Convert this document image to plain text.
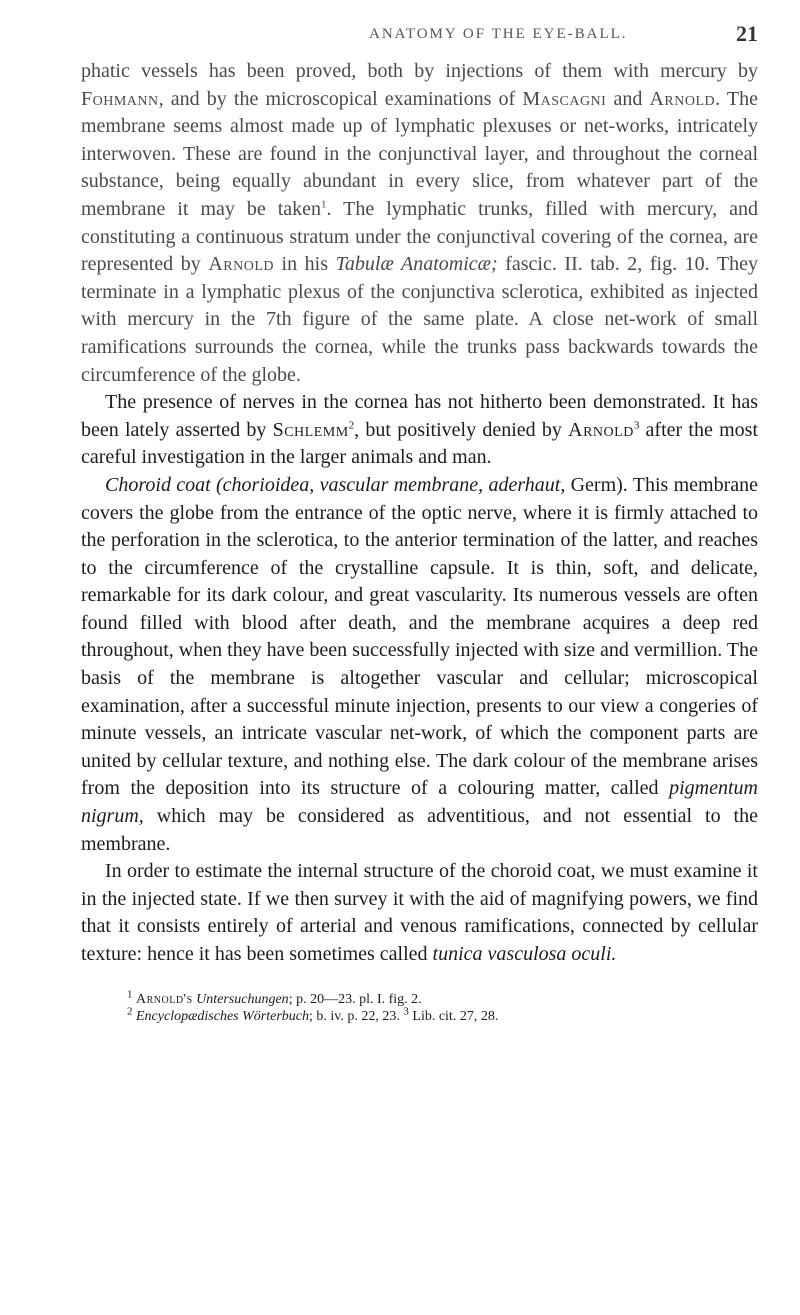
ANATOMY OF THE EYE-BALL.	21

phatic vessels has been proved, both by injections of them with mercury by Fohmann, and by the microscopical examinations of Mascagni and Arnold. The membrane seems almost made up of lymphatic plexuses or net-works, intricately interwoven. These are found in the conjunctival layer, and throughout the corneal substance, being equally abundant in every slice, from whatever part of the membrane it may be taken$^1$. The lymphatic trunks, filled with mercury, and constituting a continuous stratum under the conjunctival covering of the cornea, are represented by Arnold in his Tabulæ Anatomicæ; fascic. II. tab. 2, fig. 10. They terminate in a lymphatic plexus of the conjunctiva sclerotica, exhibited as injected with mercury in the 7th figure of the same plate. A close net-work of small ramifications surrounds the cornea, while the trunks pass backwards towards the circumference of the globe.

The presence of nerves in the cornea has not hitherto been demonstrated. It has been lately asserted by Schlemm$^2$, but positively denied by Arnold$^3$ after the most careful investigation in the larger animals and man.

Choroid coat (chorioidea, vascular membrane, aderhaut, Germ). This membrane covers the globe from the entrance of the optic nerve, where it is firmly attached to the perforation in the sclerotica, to the anterior termination of the latter, and reaches to the circumference of the crystalline capsule. It is thin, soft, and delicate, remarkable for its dark colour, and great vascularity. Its numerous vessels are often found filled with blood after death, and the membrane acquires a deep red throughout, when they have been successfully injected with size and vermillion. The basis of the membrane is altogether vascular and cellular; microscopical examination, after a successful minute injection, presents to our view a congeries of minute vessels, an intricate vascular net-work, of which the component parts are united by cellular texture, and nothing else. The dark colour of the membrane arises from the deposition into its structure of a colouring matter, called pigmentum nigrum, which may be considered as adventitious, and not essential to the membrane.

In order to estimate the internal structure of the choroid coat, we must examine it in the injected state. If we then survey it with the aid of magnifying powers, we find that it consists entirely of arterial and venous ramifications, connected by cellular texture: hence it has been sometimes called tunica vasculosa oculi.

$^1$ Arnold's Untersuchungen; p. 20—23. pl. I. fig. 2.
$^2$ Encyclopædisches Wörterbuch; b. iv. p. 22, 23. $^3$ Lib. cit. 27, 28.
